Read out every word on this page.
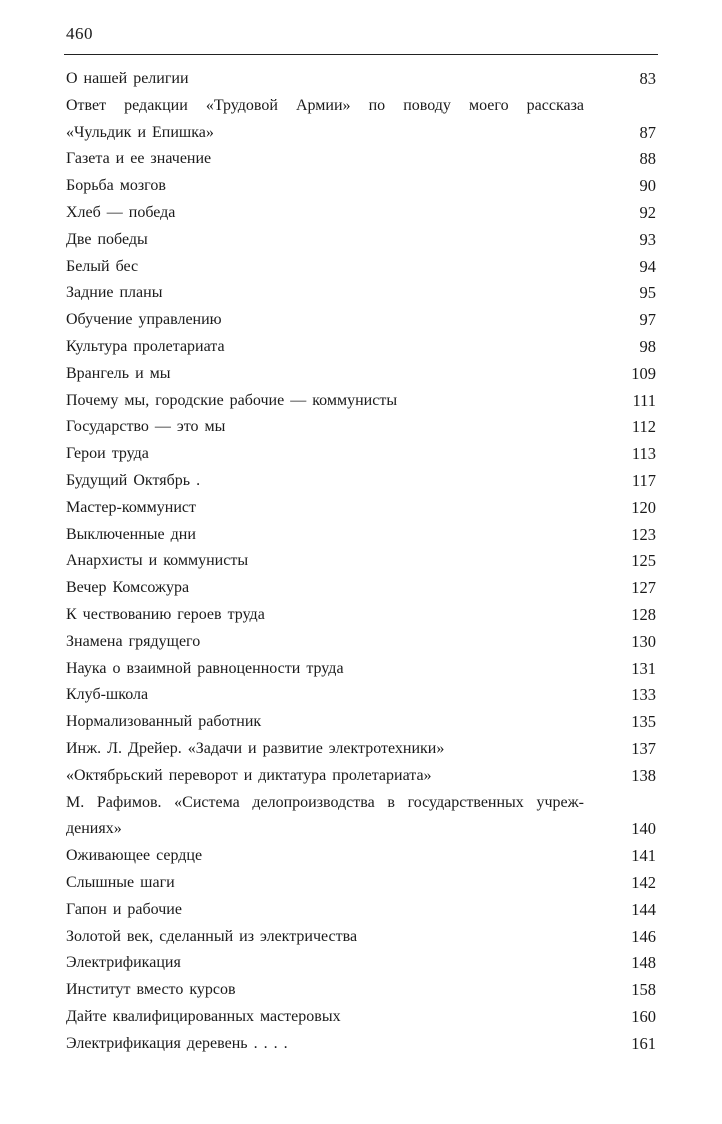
460
О нашей религии	83
Ответ редакции «Трудовой Армии» по поводу моего рассказа
«Чульдик и Епишка»	87
Газета и ее значение	88
Борьба мозгов	90
Хлеб — победа	92
Две победы	93
Белый бес	94
Задние планы	95
Обучение управлению	97
Культура пролетариата	98
Врангель и мы	109
Почему мы, городские рабочие — коммунисты	111
Государство — это мы	112
Герои труда	113
Будущий Октябрь .	117
Мастер-коммунист	120
Выключенные дни	123
Анархисты и коммунисты	125
Вечер Комсожура	127
К чествованию героев труда	128
Знамена грядущего	130
Наука о взаимной равноценности труда	131
Клуб-школа	133
Нормализованный работник	135
Инж. Л. Дрейер. «Задачи и развитие электротехники»	137
«Октябрьский переворот и диктатура пролетариата»	138
М. Рафимов. «Система делопроизводства в государственных учреж-
дениях»	140
Оживающее сердце	141
Слышные шаги	142
Гапон и рабочие	144
Золотой век, сделанный из электричества	146
Электрификация	148
Институт вместо курсов	158
Дайте квалифицированных мастеровых	160
Электрификация деревень . . . .	161
